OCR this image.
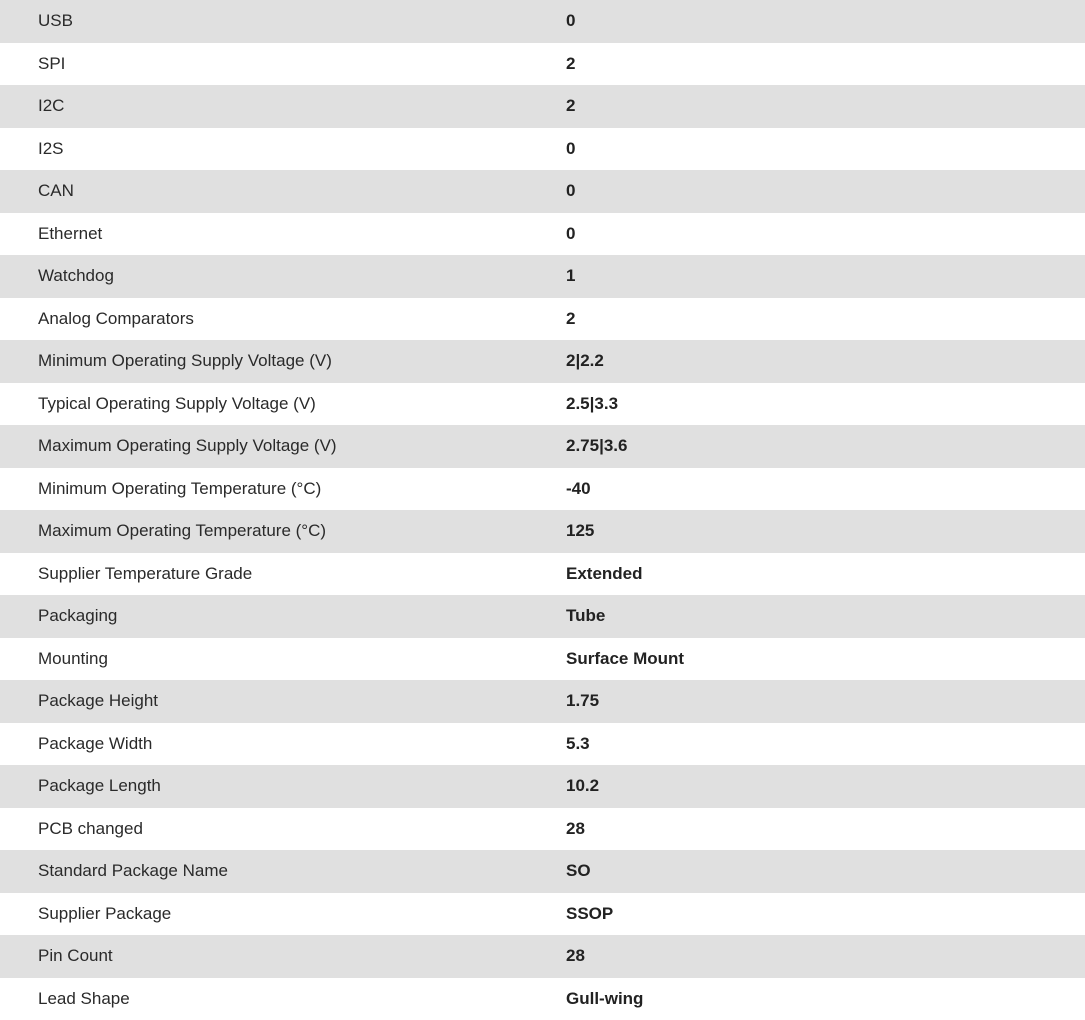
USB	0
SPI	2
I2C	2
I2S	0
CAN	0
Ethernet	0
Watchdog	1
Analog Comparators	2
Minimum Operating Supply Voltage (V)	2|2.2
Typical Operating Supply Voltage (V)	2.5|3.3
Maximum Operating Supply Voltage (V)	2.75|3.6
Minimum Operating Temperature (°C)	-40
Maximum Operating Temperature (°C)	125
Supplier Temperature Grade	Extended
Packaging	Tube
Mounting	Surface Mount
Package Height	1.75
Package Width	5.3
Package Length	10.2
PCB changed	28
Standard Package Name	SO
Supplier Package	SSOP
Pin Count	28
Lead Shape	Gull-wing
